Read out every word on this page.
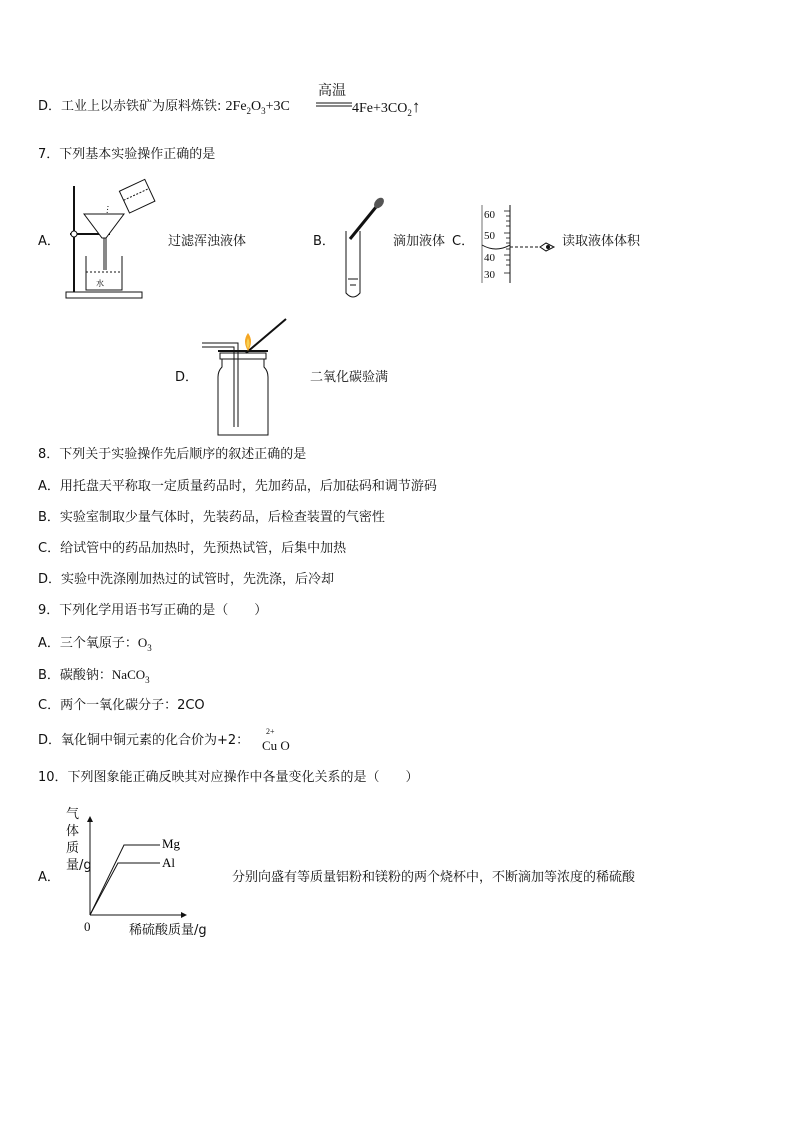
D．工业上以赤铁矿为原料炼铁: $2Fe_2O_3+3C$
高温
$4Fe+3CO_2↑$
7．下列基本实验操作正确的是
A．
水
过滤浑浊液体	B．	滴加液体 C．
60
50
40
30
读取液体体积
D．	二氧化碳验满
8．下列关于实验操作先后顺序的叙述正确的是
A．用托盘天平称取一定质量药品时，先加药品，后加砝码和调节游码
B．实验室制取少量气体时，先装药品，后检查装置的气密性
C．给试管中的药品加热时，先预热试管，后集中加热
D．实验中洗涤刚加热过的试管时，先洗涤，后冷却
9．下列化学用语书写正确的是（　　）
A．三个氧原子：$O_3$
B．碳酸钠：NaCO$_3$
C．两个一氧化碳分子：2CO
D．氧化铜中铜元素的化合价为+2：
2+
Cu O
10．下列图象能正确反映其对应操作中各量变化关系的是（　　）
A．
气体质量/g
Mg
Al
0	稀硫酸质量/g
分别向盛有等质量铝粉和镁粉的两个烧杯中，不断滴加等浓度的稀硫酸
